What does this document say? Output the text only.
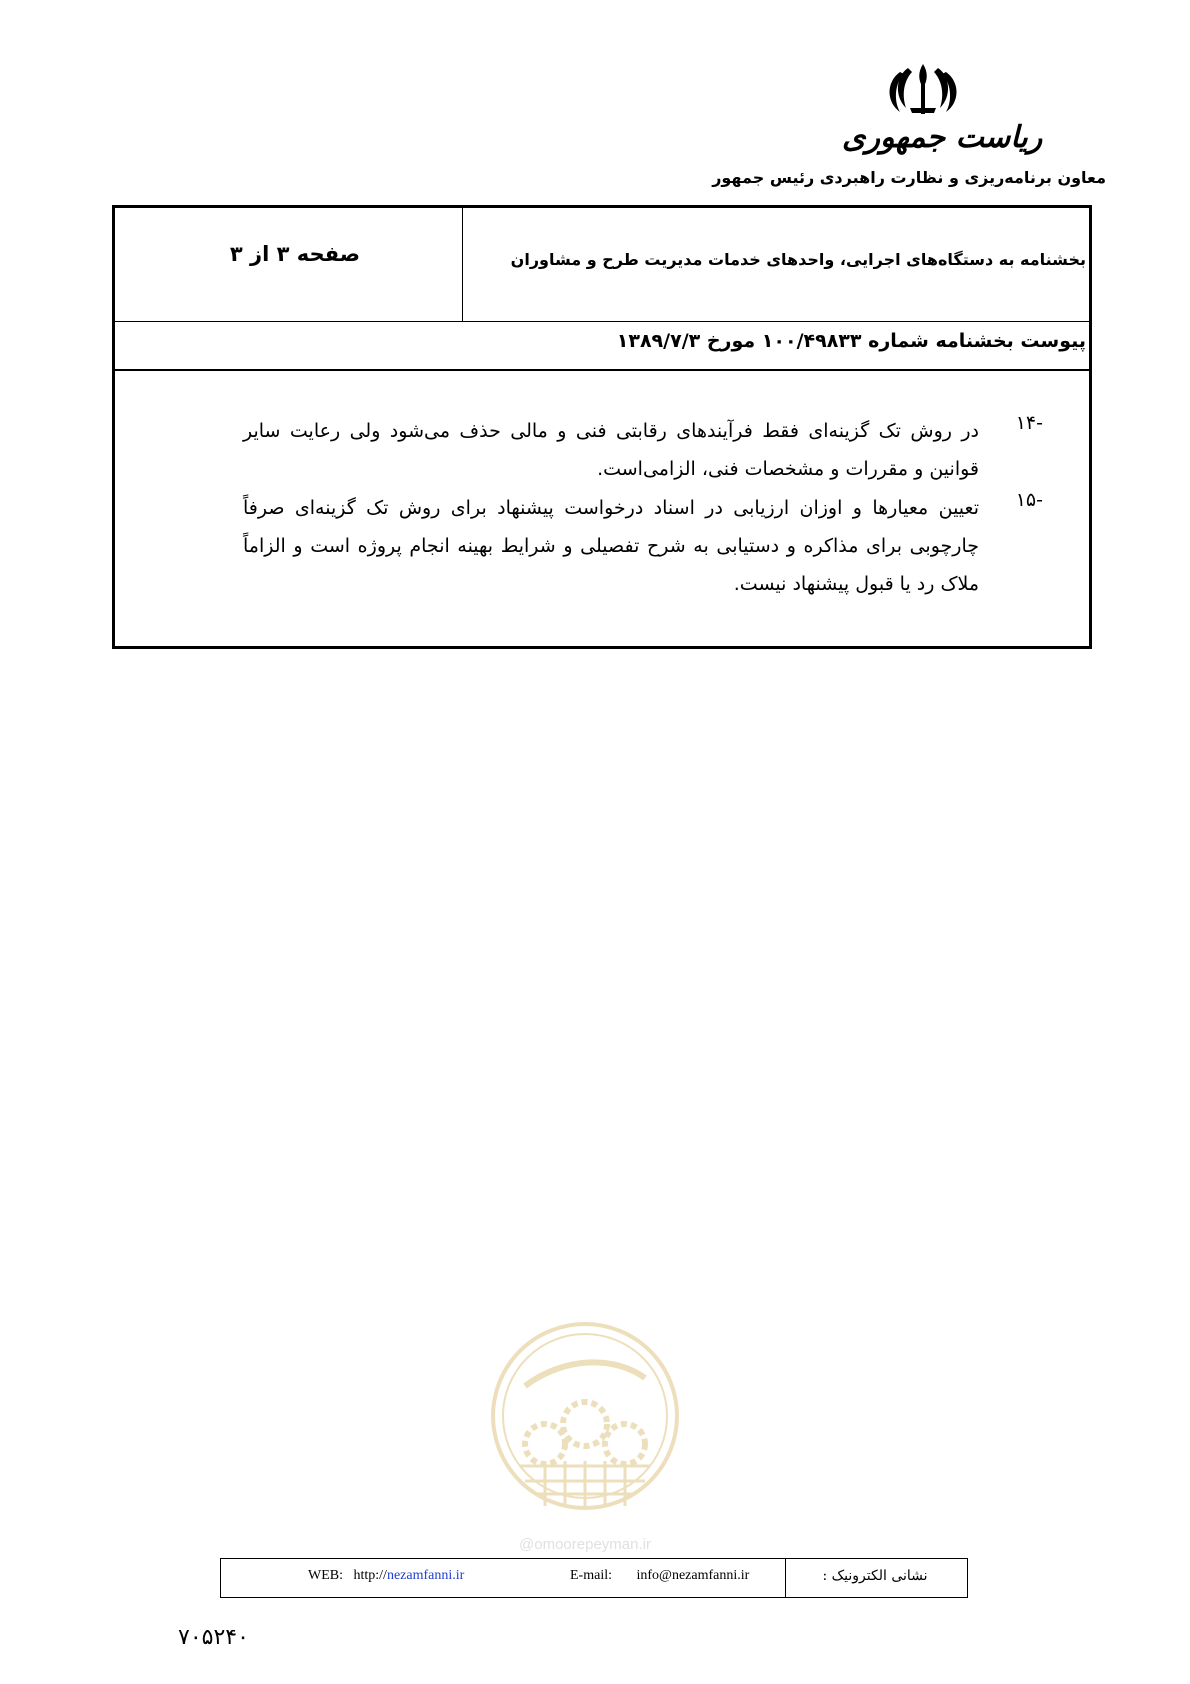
ریاست جمهوری
معاون برنامه‌ریزی و نظارت راهبردی رئیس جمهور
بخشنامه به دستگاه‌های اجرایی، واحدهای خدمات مدیریت طرح و مشاوران
صفحه ۳ از ۳
پیوست بخشنامه شماره ۱۰۰/۴۹۸۳۳ مورخ ۱۳۸۹/۷/۳
-۱۴
در روش تک گزینه‌ای فقط فرآیندهای رقابتی فنی و مالی حذف می‌شود ولی رعایت سایر قوانین و مقررات و مشخصات فنی، الزامی‌است.
-۱۵
تعیین معیارها و اوزان ارزیابی در اسناد درخواست پیشنهاد برای روش تک گزینه‌ای صرفاً چارچوبی برای مذاکره و دستیابی به شرح تفصیلی و شرایط بهینه انجام پروژه است و الزاماً ملاک رد یا قبول پیشنهاد نیست.
@omoorepeyman.ir
نشانی الکترونیک :
WEB: http://nezamfanni.ir	E-mail: info@nezamfanni.ir
۷۰۵۲۴۰
